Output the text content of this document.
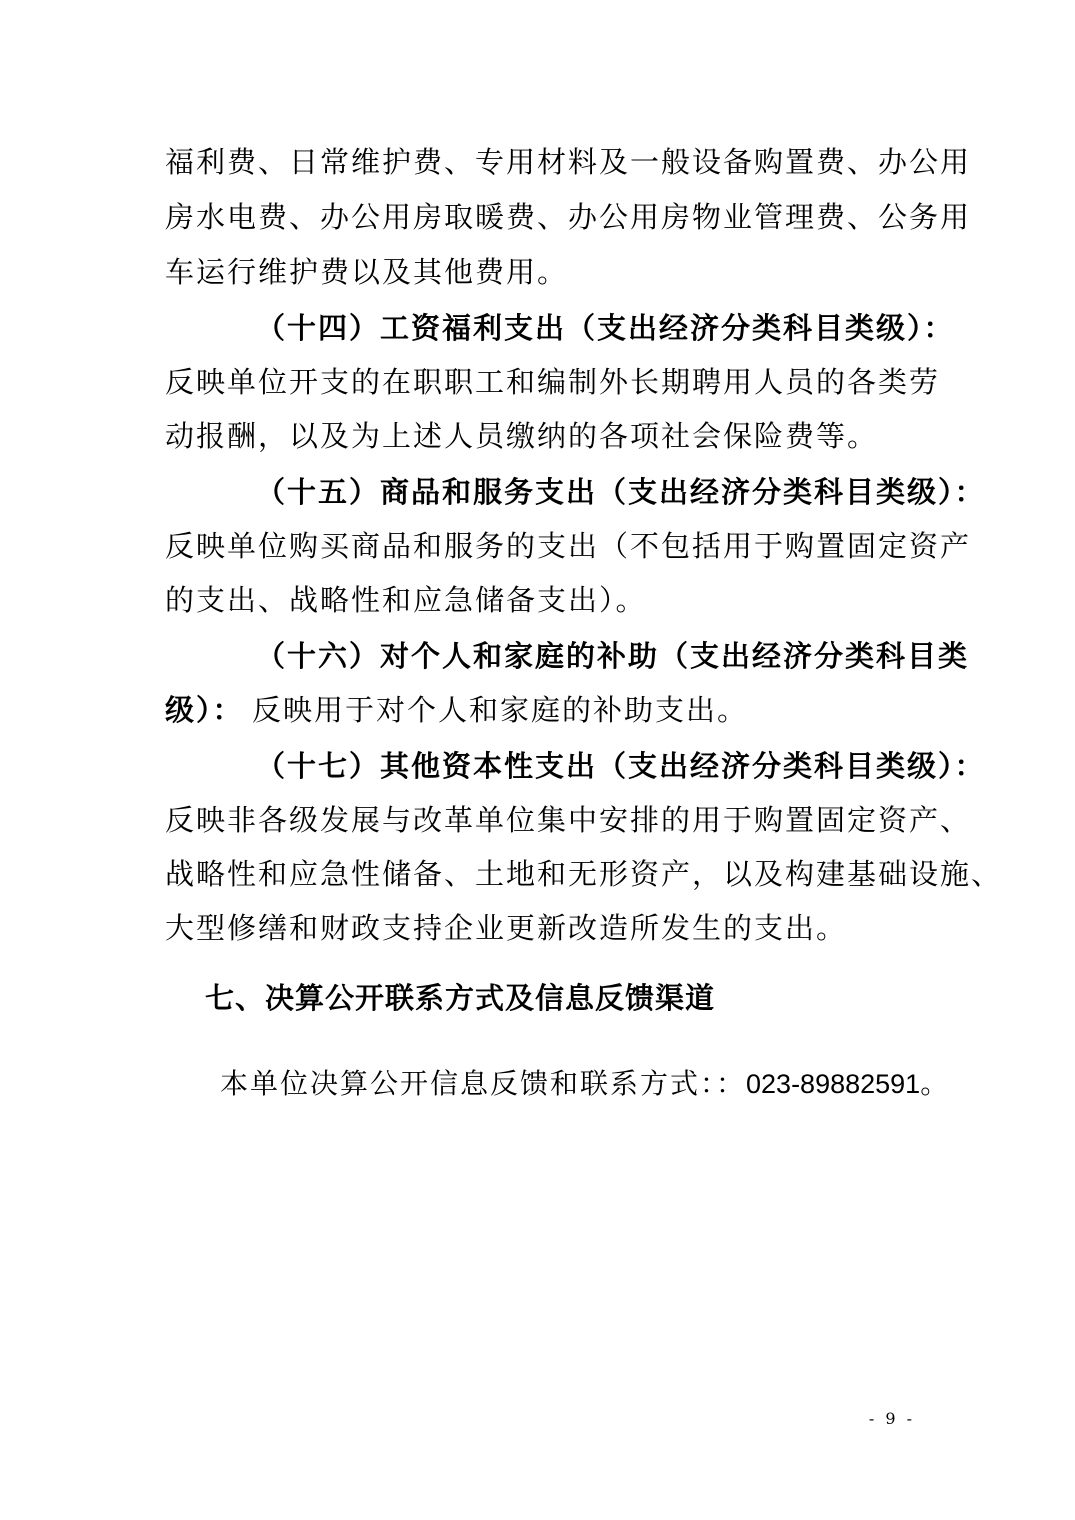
福利费、日常维护费、专用材料及一般设备购置费、办公用
房水电费、办公用房取暖费、办公用房物业管理费、公务用
车运行维护费以及其他费用。
（十四）工资福利支出（支出经济分类科目类级）：
反映单位开支的在职职工和编制外长期聘用人员的各类劳
动报酬，以及为上述人员缴纳的各项社会保险费等。
（十五）商品和服务支出（支出经济分类科目类级）：
反映单位购买商品和服务的支出（不包括用于购置固定资产
的支出、战略性和应急储备支出）。
（十六）对个人和家庭的补助（支出经济分类科目类
级）： 反映用于对个人和家庭的补助支出。
（十七）其他资本性支出（支出经济分类科目类级）：
反映非各级发展与改革单位集中安排的用于购置固定资产、
战略性和应急性储备、土地和无形资产，以及构建基础设施、
大型修缮和财政支持企业更新改造所发生的支出。
七、决算公开联系方式及信息反馈渠道
本单位决算公开信息反馈和联系方式：：023-89882591。
- 9 -
